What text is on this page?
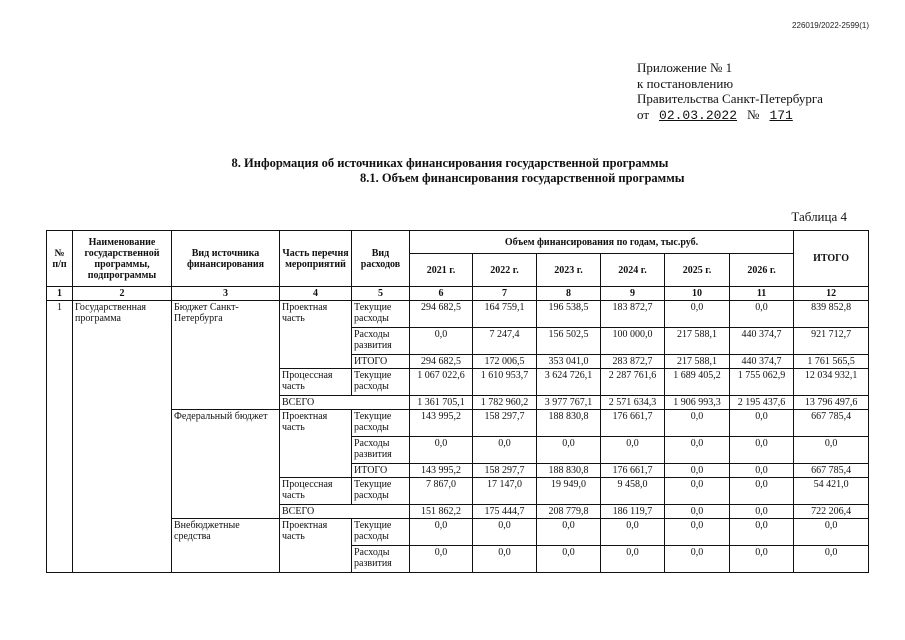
226019/2022-2599(1)
Приложение № 1
к постановлению
Правительства Санкт-Петербурга
от 02.03.2022 № 171
8. Информация об источниках финансирования государственной программы
8.1. Объем финансирования государственной программы
Таблица 4
№ п/п	Наименование государственной программы, подпрограммы	Вид источника финансирования	Часть перечня мероприятий	Вид расходов	Объем финансирования по годам, тыс.руб.						ИТОГО
					2021 г.	2022 г.	2023 г.	2024 г.	2025 г.	2026 г.	
1	2	3	4	5	6	7	8	9	10	11	12
1	Государственная программа	Бюджет Санкт-Петербурга	Проектная часть	Текущие расходы	294 682,5	164 759,1	196 538,5	183 872,7	0,0	0,0	839 852,8
				Расходы развития	0,0	7 247,4	156 502,5	100 000,0	217 588,1	440 374,7	921 712,7
				ИТОГО	294 682,5	172 006,5	353 041,0	283 872,7	217 588,1	440 374,7	1 761 565,5
			Процессная часть	Текущие расходы	1 067 022,6	1 610 953,7	3 624 726,1	2 287 761,6	1 689 405,2	1 755 062,9	12 034 932,1
			ВСЕГО		1 361 705,1	1 782 960,2	3 977 767,1	2 571 634,3	1 906 993,3	2 195 437,6	13 796 497,6
		Федеральный бюджет	Проектная часть	Текущие расходы	143 995,2	158 297,7	188 830,8	176 661,7	0,0	0,0	667 785,4
				Расходы развития	0,0	0,0	0,0	0,0	0,0	0,0	0,0
				ИТОГО	143 995,2	158 297,7	188 830,8	176 661,7	0,0	0,0	667 785,4
			Процессная часть	Текущие расходы	7 867,0	17 147,0	19 949,0	9 458,0	0,0	0,0	54 421,0
			ВСЕГО		151 862,2	175 444,7	208 779,8	186 119,7	0,0	0,0	722 206,4

		Внебюджетные средства	Проектная часть	Текущие расходы	0,0	0,0	0,0	0,0	0,0	0,0	0,0
				Расходы развития	0,0	0,0	0,0	0,0	0,0	0,0	0,0
